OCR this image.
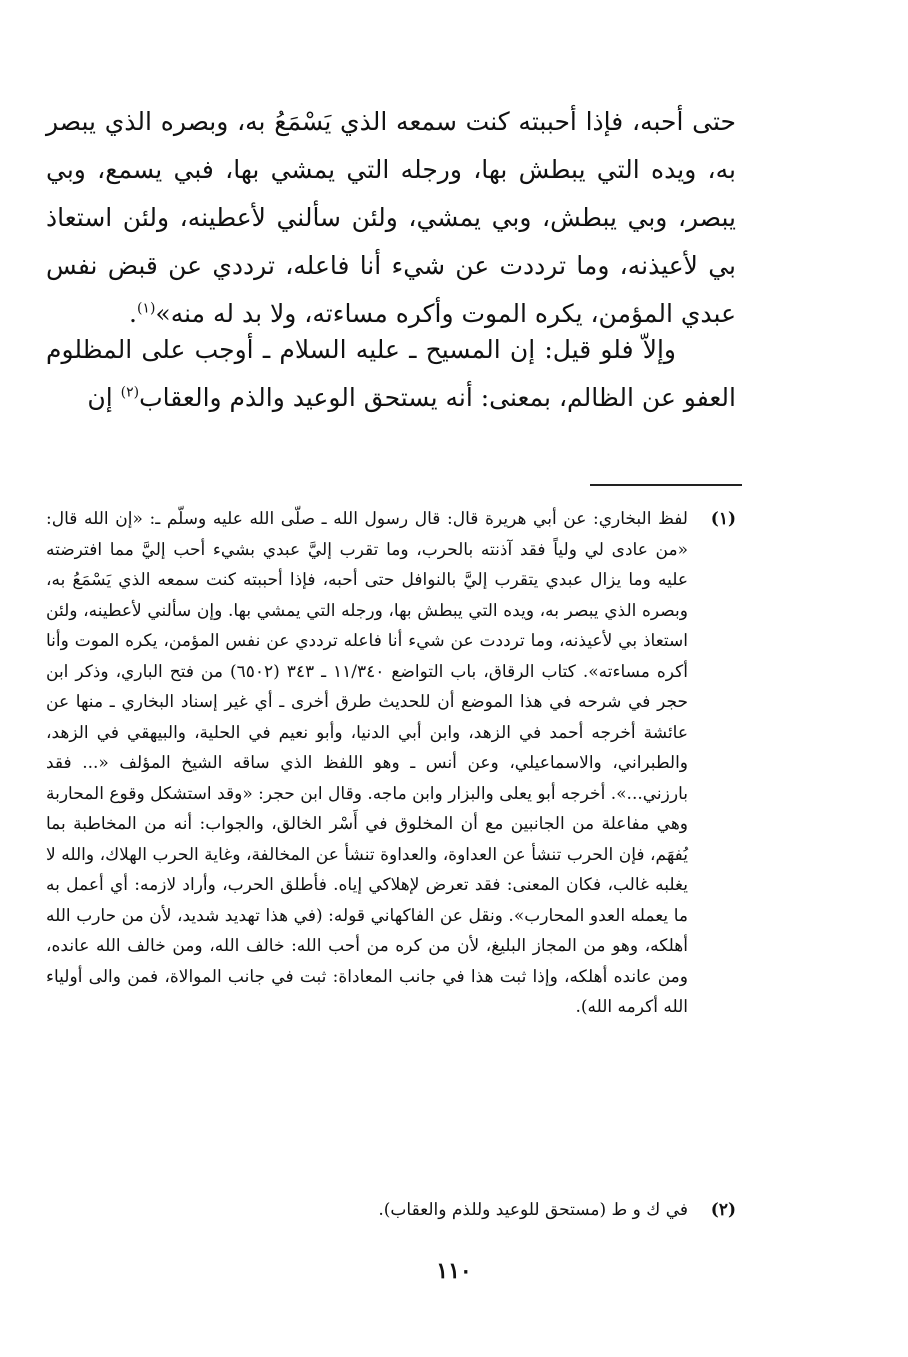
حتى أحبه، فإذا أحببته كنت سمعه الذي يَسْمَعُ به، وبصره الذي يبصر به، ويده التي يبطش بها، ورجله التي يمشي بها، فبي يسمع، وبي يبصر، وبي يبطش، وبي يمشي، ولئن سألني لأعطينه، ولئن استعاذ بي لأعيذنه، وما ترددت عن شيء أنا فاعله، ترددي عن قبض نفس عبدي المؤمن، يكره الموت وأكره مساءته، ولا بد له منه»$^{(١)}$.

وإلاّ فلو قيل: إن المسيح ـ عليه السلام ـ أوجب على المظلوم العفو عن الظالم، بمعنى: أنه يستحق الوعيد والذم والعقاب$^{(٢)}$ إن

(١)
لفظ البخاري: عن أبي هريرة قال: قال رسول الله ـ صلّى الله عليه وسلّم ـ: «إن الله قال: «من عادى لي ولياً فقد آذنته بالحرب، وما تقرب إليَّ عبدي بشيء أحب إليَّ مما افترضته عليه وما يزال عبدي يتقرب إليَّ بالنوافل حتى أحبه، فإذا أحببته كنت سمعه الذي يَسْمَعُ به، وبصره الذي يبصر به، ويده التي يبطش بها، ورجله التي يمشي بها. وإن سألني لأعطينه، ولئن استعاذ بي لأعيذنه، وما ترددت عن شيء أنا فاعله ترددي عن نفس المؤمن، يكره الموت وأنا أكره مساءته». كتاب الرقاق، باب التواضع ١١/٣٤٠ ـ ٣٤٣ (٦٥٠٢) من فتح الباري، وذكر ابن حجر في شرحه في هذا الموضع أن للحديث طرق أخرى ـ أي غير إسناد البخاري ـ منها عن عائشة أخرجه أحمد في الزهد، وابن أبي الدنيا، وأبو نعيم في الحلية، والبيهقي في الزهد، والطبراني، والاسماعيلي، وعن أنس ـ وهو اللفظ الذي ساقه الشيخ المؤلف «... فقد بارزني...». أخرجه أبو يعلى والبزار وابن ماجه. وقال ابن حجر: «وقد استشكل وقوع المحاربة وهي مفاعلة من الجانبين مع أن المخلوق في أَسْر الخالق، والجواب: أنه من المخاطبة بما يُفهَم، فإن الحرب تنشأ عن العداوة، والعداوة تنشأ عن المخالفة، وغاية الحرب الهلاك، والله لا يغلبه غالب، فكان المعنى: فقد تعرض لإهلاكي إياه. فأطلق الحرب، وأراد لازمه: أي أعمل به ما يعمله العدو المحارب». ونقل عن الفاكهاني قوله: (في هذا تهديد شديد، لأن من حارب الله أهلكه، وهو من المجاز البليغ، لأن من كره من أحب الله: خالف الله، ومن خالف الله عانده، ومن عانده أهلكه، وإذا ثبت هذا في جانب المعاداة: ثبت في جانب الموالاة، فمن والى أولياء الله أكرمه الله).
(٢)
في ك و ط (مستحق للوعيد وللذم والعقاب).
١١٠
